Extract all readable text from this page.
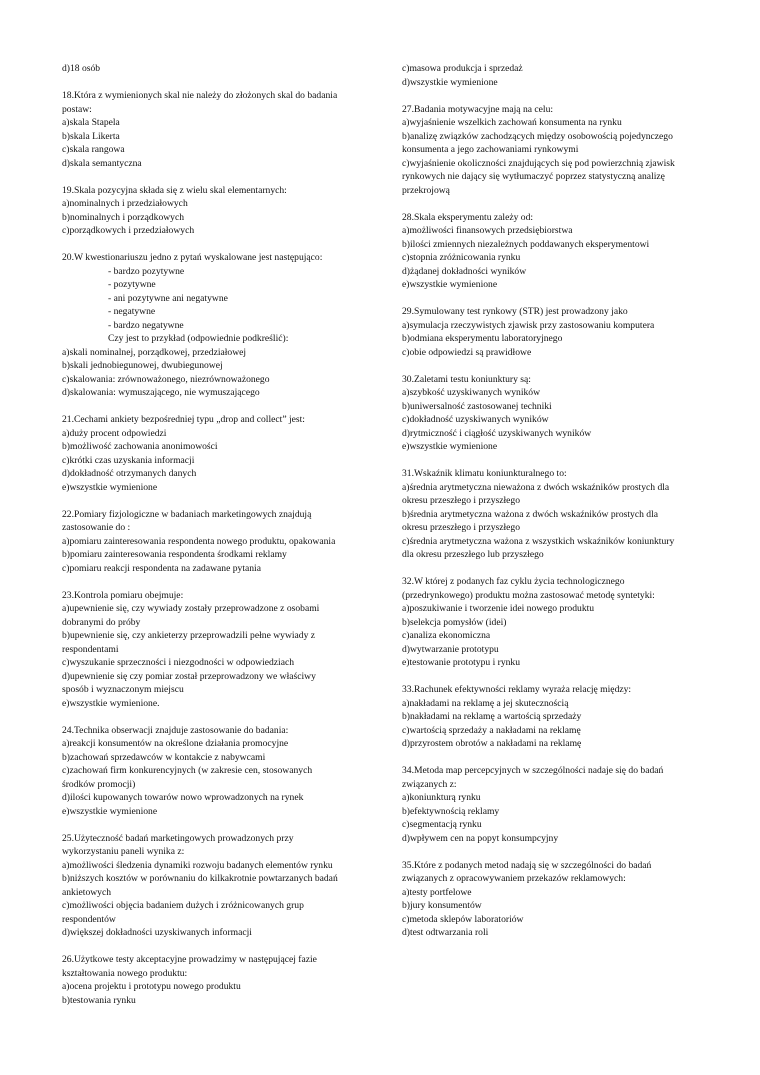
d)18 osób
18.Która z wymienionych skal nie należy do złożonych skal do badania
postaw:
a)skala Stapela
b)skala Likerta
c)skala rangowa
d)skala semantyczna
19.Skala pozycyjna składa się z wielu skal elementarnych:
a)nominalnych i przedziałowych
b)nominalnych i porządkowych
c)porządkowych i przedziałowych
20.W kwestionariuszu jedno z pytań wyskalowane jest następująco:
- bardzo pozytywne
- pozytywne
- ani pozytywne ani negatywne
- negatywne
- bardzo negatywne
Czy jest to przykład (odpowiednie podkreślić):
a)skali nominalnej, porządkowej, przedziałowej
b)skali jednobiegunowej, dwubiegunowej
c)skalowania: zrównoważonego, niezrównoważonego
d)skalowania: wymuszającego, nie wymuszającego
21.Cechami ankiety bezpośredniej typu „drop and collect” jest:
a)duży procent odpowiedzi
b)możliwość zachowania anonimowości
c)krótki czas uzyskania informacji
d)dokładność otrzymanych danych
e)wszystkie wymienione
22.Pomiary fizjologiczne w badaniach marketingowych znajdują
zastosowanie do :
a)pomiaru zainteresowania respondenta nowego produktu, opakowania
b)pomiaru zainteresowania respondenta środkami reklamy
c)pomiaru reakcji respondenta na zadawane pytania
23.Kontrola pomiaru obejmuje:
a)upewnienie się, czy wywiady zostały przeprowadzone z osobami
dobranymi do próby
b)upewnienie się, czy ankieterzy przeprowadzili pełne wywiady z
respondentami
c)wyszukanie sprzeczności i niezgodności w odpowiedziach
d)upewnienie się czy pomiar został przeprowadzony we właściwy
sposób i wyznaczonym miejscu
e)wszystkie wymienione.
24.Technika obserwacji znajduje zastosowanie do badania:
a)reakcji konsumentów na określone działania promocyjne
b)zachowań sprzedawców w kontakcie z nabywcami
c)zachowań firm konkurencyjnych (w zakresie cen, stosowanych
środków promocji)
d)ilości kupowanych towarów nowo wprowadzonych na rynek
e)wszystkie wymienione
25.Użyteczność badań marketingowych prowadzonych przy
wykorzystaniu paneli wynika z:
a)możliwości śledzenia dynamiki rozwoju badanych elementów rynku
b)niższych kosztów w porównaniu do kilkakrotnie powtarzanych badań
ankietowych
c)możliwości objęcia badaniem dużych i zróżnicowanych grup
respondentów
d)większej dokładności uzyskiwanych informacji
26.Użytkowe testy akceptacyjne prowadzimy w następującej fazie
kształtowania nowego produktu:
a)ocena projektu i prototypu nowego produktu
b)testowania rynku
c)masowa produkcja i sprzedaż
d)wszystkie wymienione
27.Badania motywacyjne mają na celu:
a)wyjaśnienie wszelkich zachowań konsumenta na rynku
b)analizę związków zachodzących między osobowością pojedynczego
konsumenta a jego zachowaniami rynkowymi
c)wyjaśnienie okoliczności znajdujących się pod powierzchnią zjawisk
rynkowych nie dający się wytłumaczyć poprzez statystyczną analizę
przekrojową
28.Skala eksperymentu zależy od:
a)możliwości finansowych przedsiębiorstwa
b)ilości zmiennych niezależnych poddawanych eksperymentowi
c)stopnia zróżnicowania rynku
d)żądanej dokładności wyników
e)wszystkie wymienione
29.Symulowany test rynkowy (STR) jest prowadzony jako
a)symulacja rzeczywistych zjawisk przy zastosowaniu komputera
b)odmiana eksperymentu laboratoryjnego
c)obie odpowiedzi są prawidłowe
30.Zaletami testu koniunktury są:
a)szybkość uzyskiwanych wyników
b)uniwersalność zastosowanej techniki
c)dokładność uzyskiwanych wyników
d)rytmiczność i ciągłość uzyskiwanych wyników
e)wszystkie wymienione
31.Wskaźnik klimatu koniunkturalnego to:
a)średnia arytmetyczna nieważona z dwóch wskaźników prostych dla
okresu przeszłego i przyszłego
b)średnia arytmetyczna ważona z dwóch wskaźników prostych dla
okresu przeszłego i przyszłego
c)średnia arytmetyczna ważona z wszystkich wskaźników koniunktury
dla okresu przeszłego lub przyszłego
32.W której z podanych faz cyklu życia technologicznego
(przedrynkowego) produktu można zastosować metodę syntetyki:
a)poszukiwanie i tworzenie idei nowego produktu
b)selekcja pomysłów (idei)
c)analiza ekonomiczna
d)wytwarzanie prototypu
e)testowanie prototypu i rynku
33.Rachunek efektywności reklamy wyraża relację między:
a)nakładami na reklamę a jej skutecznością
b)nakładami na reklamę a wartością sprzedaży
c)wartością sprzedaży a nakładami na reklamę
d)przyrostem obrotów a nakładami na reklamę
34.Metoda map percepcyjnych w szczególności nadaje się do badań
związanych z:
a)koniunkturą rynku
b)efektywnością reklamy
c)segmentacją rynku
d)wpływem cen na popyt konsumpcyjny
35.Które z podanych metod nadają się w szczególności do badań
związanych z opracowywaniem przekazów reklamowych:
a)testy portfelowe
b)jury konsumentów
c)metoda sklepów laboratoriów
d)test odtwarzania roli
